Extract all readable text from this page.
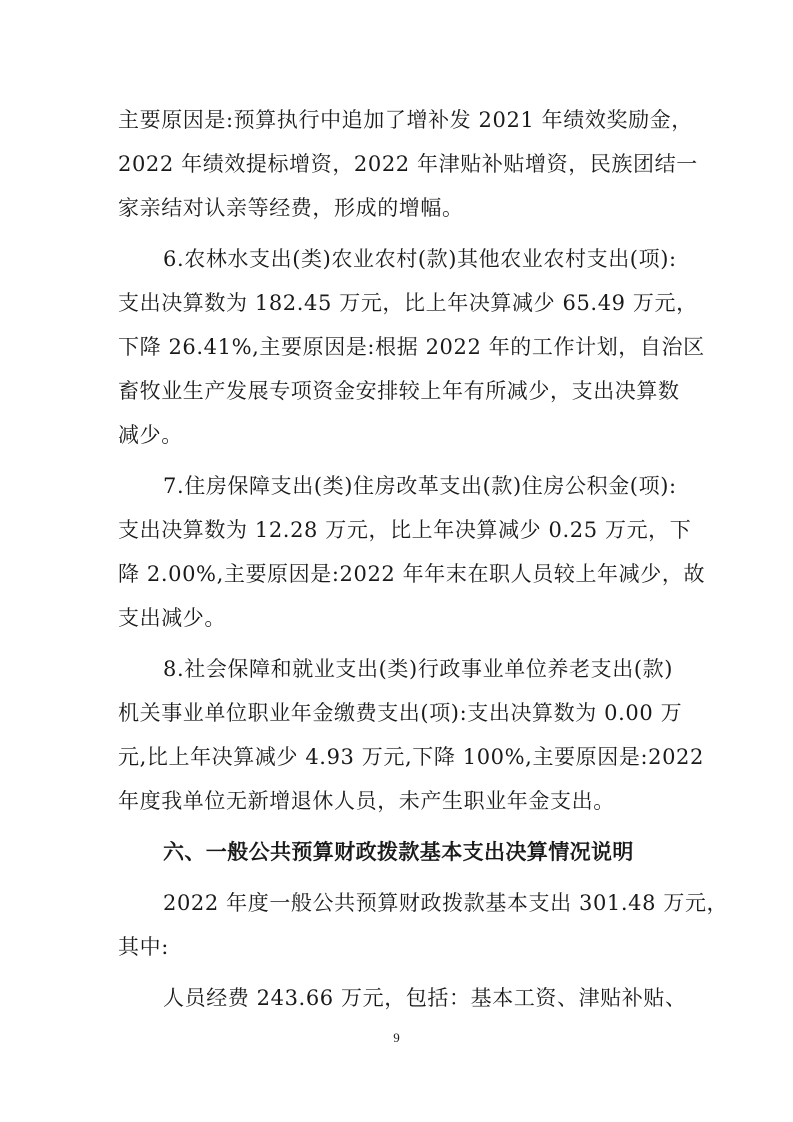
主要原因是:预算执行中追加了增补发 2021 年绩效奖励金，

2022 年绩效提标增资，2022 年津贴补贴增资，民族团结一

家亲结对认亲等经费，形成的增幅。

6.农林水支出(类)农业农村(款)其他农业农村支出(项):

支出决算数为 182.45 万元，比上年决算减少 65.49 万元，

下降 26.41%,主要原因是:根据 2022 年的工作计划，自治区

畜牧业生产发展专项资金安排较上年有所减少，支出决算数

减少。

7.住房保障支出(类)住房改革支出(款)住房公积金(项):

支出决算数为 12.28 万元，比上年决算减少 0.25 万元，下

降 2.00%,主要原因是:2022 年年末在职人员较上年减少，故

支出减少。

8.社会保障和就业支出(类)行政事业单位养老支出(款)

机关事业单位职业年金缴费支出(项):支出决算数为 0.00 万

元,比上年决算减少 4.93 万元,下降 100%,主要原因是:2022

年度我单位无新增退休人员，未产生职业年金支出。

六、一般公共预算财政拨款基本支出决算情况说明

2022 年度一般公共预算财政拨款基本支出 301.48 万元，

其中:

人员经费 243.66 万元，包括：基本工资、津贴补贴、

9
